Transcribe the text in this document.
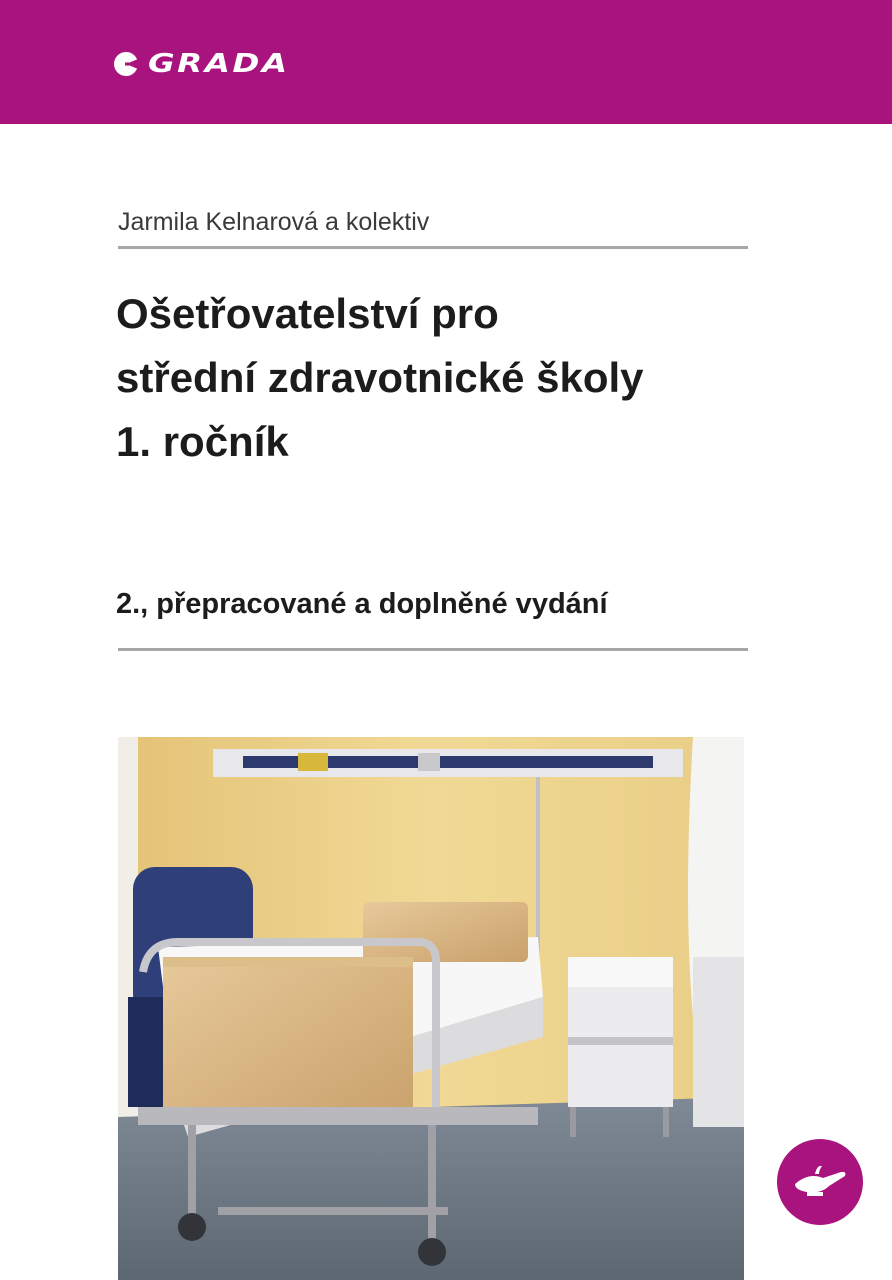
GRADA
Jarmila Kelnarová a kolektiv
Ošetřovatelství pro
střední zdravotnické školy
1. ročník
2., přepracované a doplněné vydání
